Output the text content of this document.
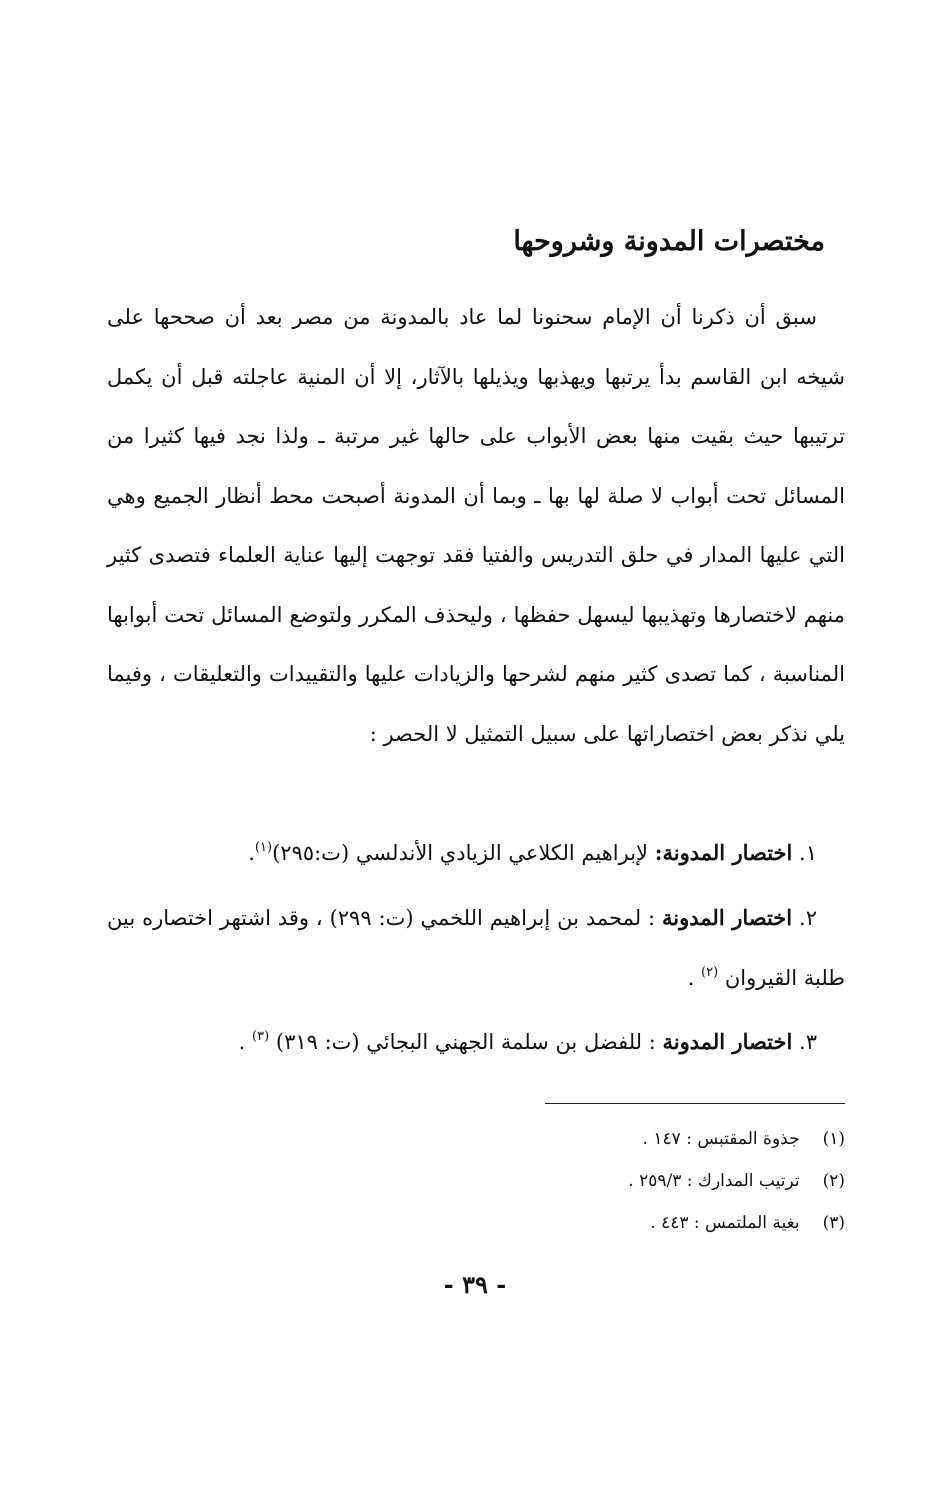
مختصرات المدونة وشروحها

سبق أن ذكرنا أن الإمام سحنونا لما عاد بالمدونة من مصر بعد أن صححها على شيخه ابن القاسم بدأ يرتبها ويهذبها ويذيلها بالآثار، إلا أن المنية عاجلته قبل أن يكمل ترتيبها حيث بقيت منها بعض الأبواب على حالها غير مرتبة ـ ولذا نجد فيها كثيرا من المسائل تحت أبواب لا صلة لها بها ـ وبما أن المدونة أصبحت محط أنظار الجميع وهي التي عليها المدار في حلق التدريس والفتيا فقد توجهت إليها عناية العلماء فتصدى كثير منهم لاختصارها وتهذيبها ليسهل حفظها ، وليحذف المكرر ولتوضع المسائل تحت أبوابها المناسبة ، كما تصدى كثير منهم لشرحها والزيادات عليها والتقييدات والتعليقات ، وفيما يلي نذكر بعض اختصاراتها على سبيل التمثيل لا الحصر :

١. اختصار المدونة: لإبراهيم الكلاعي الزيادي الأندلسي (ت:٢٩٥)$^{(١)}$.

٢. اختصار المدونة : لمحمد بن إبراهيم اللخمي (ت: ٢٩٩) ، وقد اشتهر اختصاره بين طلبة القيروان $^{(٢)}$ .

٣. اختصار المدونة : للفضل بن سلمة الجهني البجائي (ت: ٣١٩) $^{(٣)}$ .

(١) جذوة المقتبس : ١٤٧ .
(٢) ترتيب المدارك : ٢٥٩/٣ .
(٣) بغية الملتمس : ٤٤٣ .
- ٣٩ -
